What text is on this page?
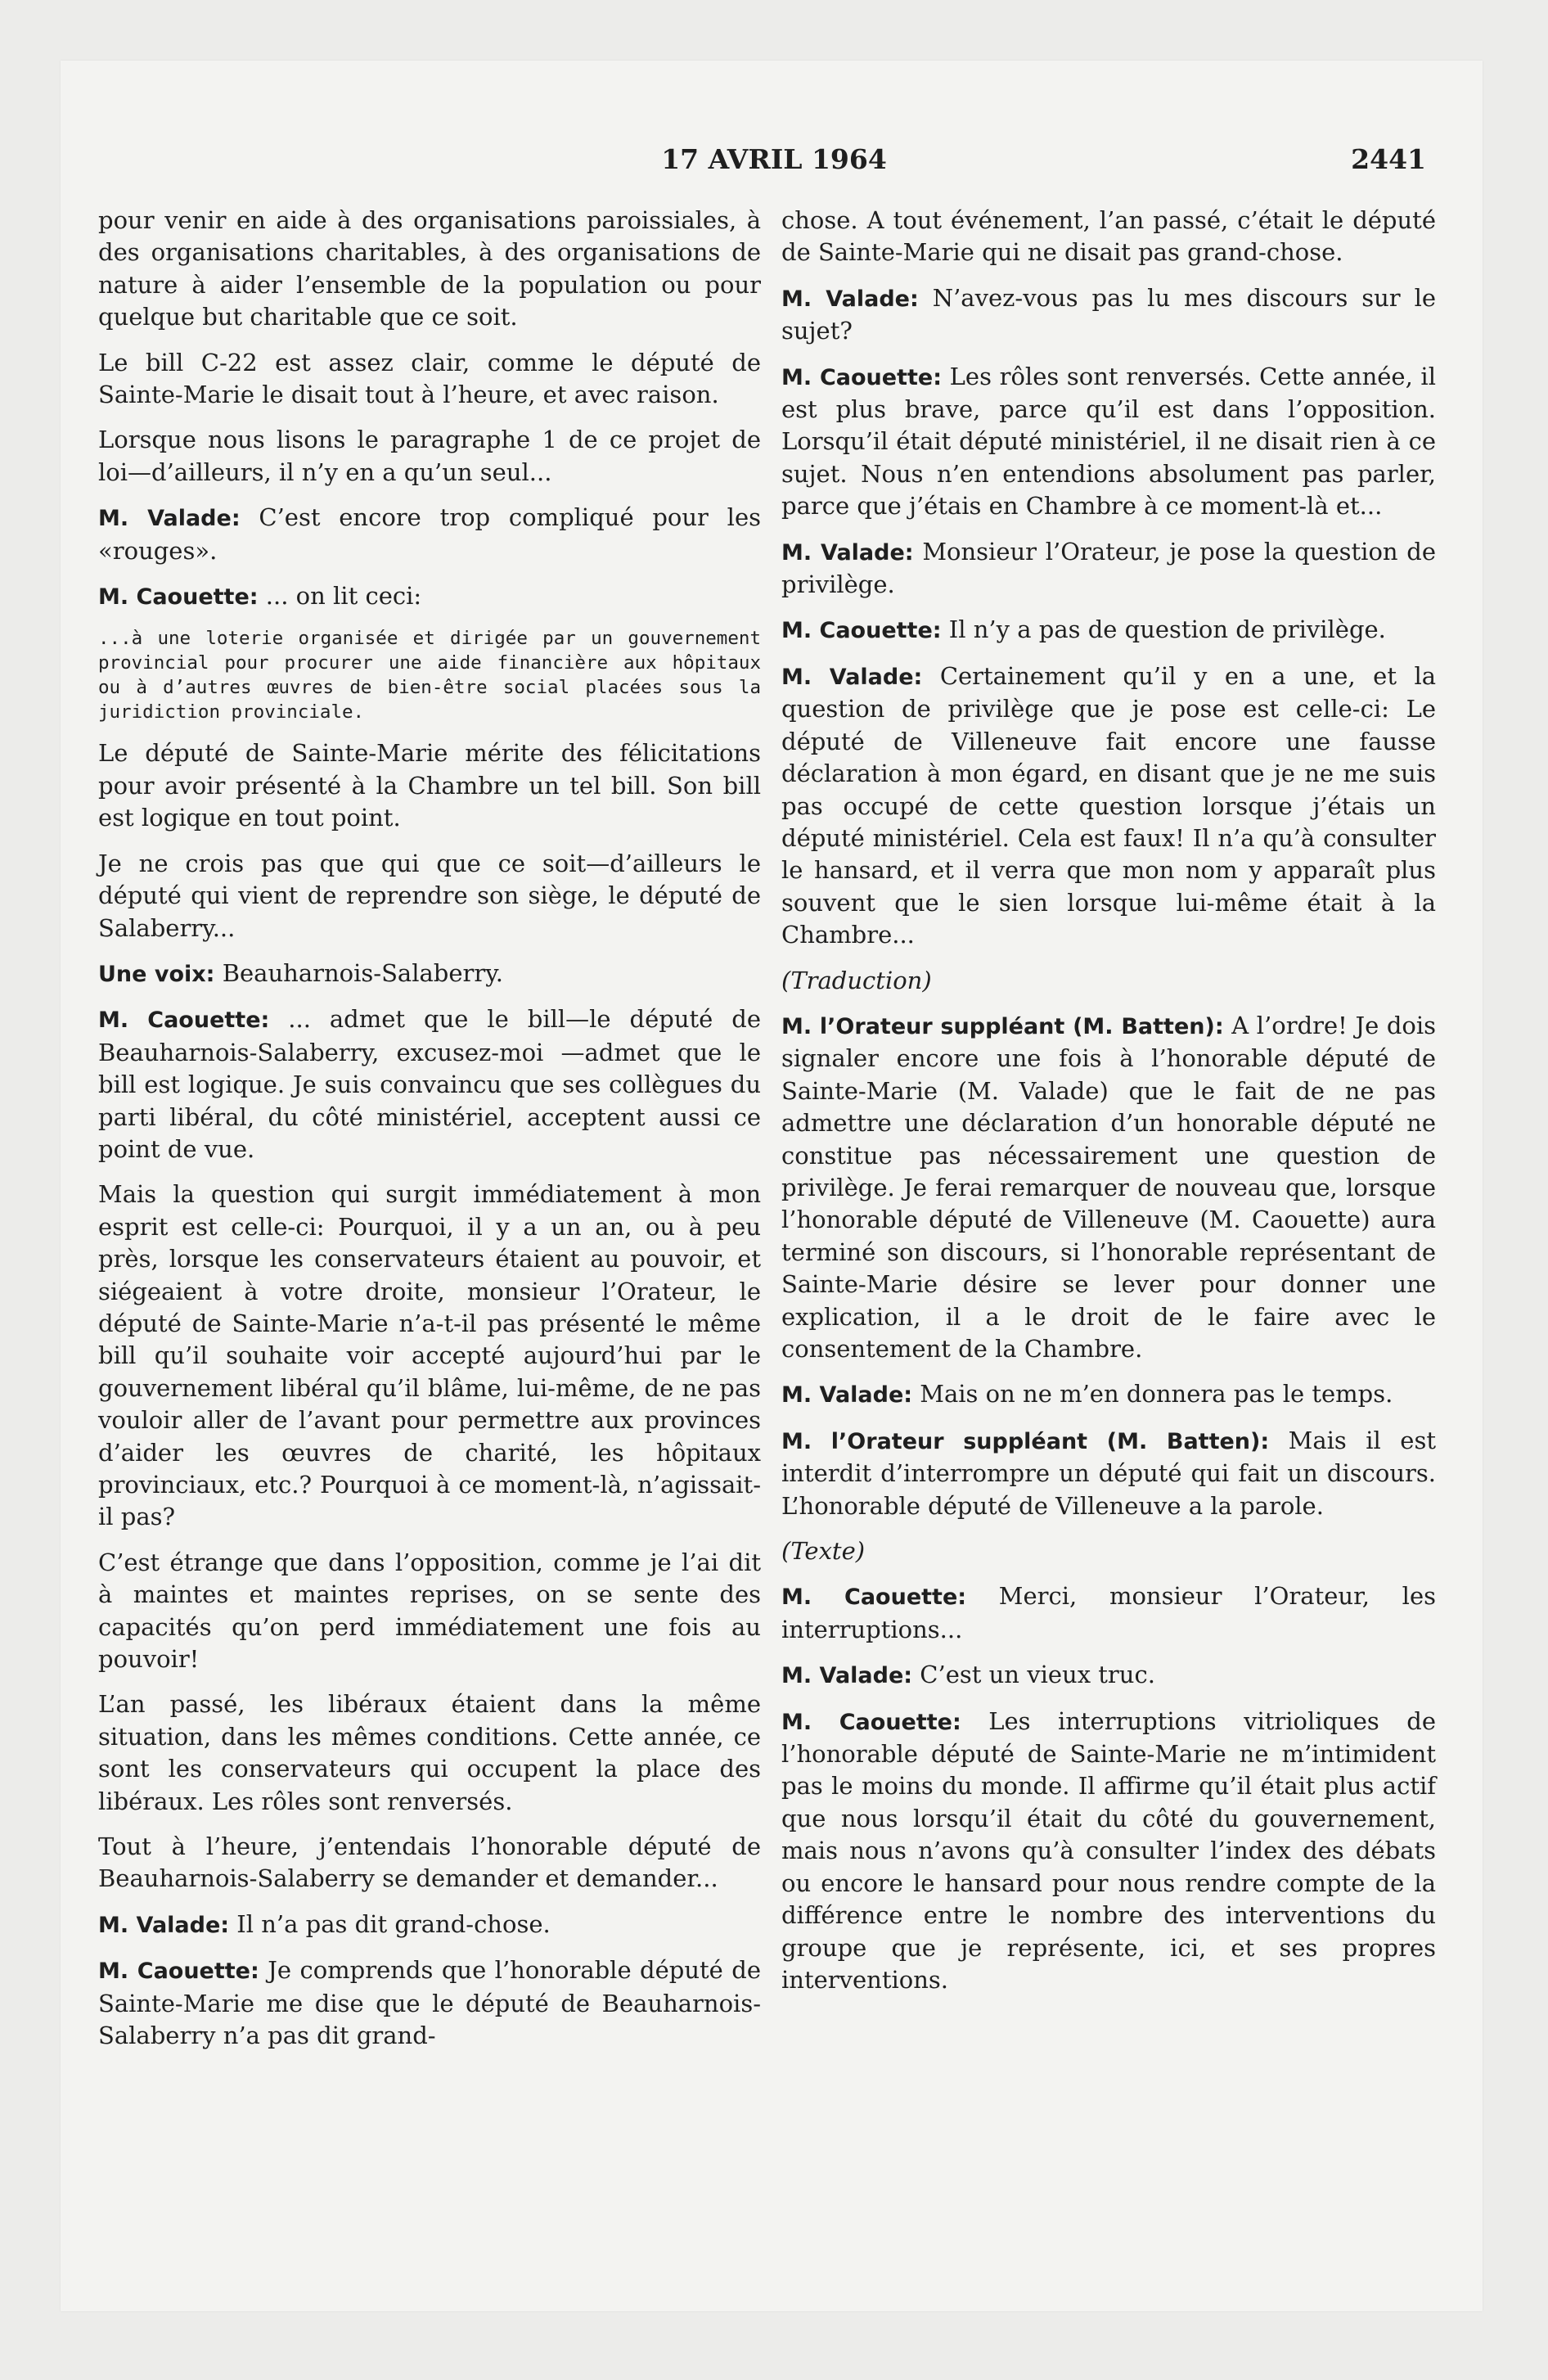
17 AVRIL 1964	2441

pour venir en aide à des organisations paroissiales, à des organisations charitables, à des organisations de nature à aider l’ensemble de la population ou pour quelque but charitable que ce soit.

Le bill C-22 est assez clair, comme le député de Sainte-Marie le disait tout à l’heure, et avec raison.

Lorsque nous lisons le paragraphe 1 de ce projet de loi—d’ailleurs, il n’y en a qu’un seul...

M. Valade: C’est encore trop compliqué pour les «rouges».

M. Caouette: ... on lit ceci:

...à une loterie organisée et dirigée par un gouvernement provincial pour procurer une aide financière aux hôpitaux ou à d’autres œuvres de bien-être social placées sous la juridiction provinciale.

Le député de Sainte-Marie mérite des félicitations pour avoir présenté à la Chambre un tel bill. Son bill est logique en tout point.

Je ne crois pas que qui que ce soit—d’ailleurs le député qui vient de reprendre son siège, le député de Salaberry...

Une voix: Beauharnois-Salaberry.

M. Caouette: ... admet que le bill—le député de Beauharnois-Salaberry, excusez-moi —admet que le bill est logique. Je suis convaincu que ses collègues du parti libéral, du côté ministériel, acceptent aussi ce point de vue.

Mais la question qui surgit immédiatement à mon esprit est celle-ci: Pourquoi, il y a un an, ou à peu près, lorsque les conservateurs étaient au pouvoir, et siégeaient à votre droite, monsieur l’Orateur, le député de Sainte-Marie n’a-t-il pas présenté le même bill qu’il souhaite voir accepté aujourd’hui par le gouvernement libéral qu’il blâme, lui-même, de ne pas vouloir aller de l’avant pour permettre aux provinces d’aider les œuvres de charité, les hôpitaux provinciaux, etc.? Pourquoi à ce moment-là, n’agissait-il pas?

C’est étrange que dans l’opposition, comme je l’ai dit à maintes et maintes reprises, on se sente des capacités qu’on perd immédiatement une fois au pouvoir!

L’an passé, les libéraux étaient dans la même situation, dans les mêmes conditions. Cette année, ce sont les conservateurs qui occupent la place des libéraux. Les rôles sont renversés.

Tout à l’heure, j’entendais l’honorable député de Beauharnois-Salaberry se demander et demander...

M. Valade: Il n’a pas dit grand-chose.

M. Caouette: Je comprends que l’honorable député de Sainte-Marie me dise que le député de Beauharnois-Salaberry n’a pas dit grand-

chose. A tout événement, l’an passé, c’était le député de Sainte-Marie qui ne disait pas grand-chose.

M. Valade: N’avez-vous pas lu mes discours sur le sujet?

M. Caouette: Les rôles sont renversés. Cette année, il est plus brave, parce qu’il est dans l’opposition. Lorsqu’il était député ministériel, il ne disait rien à ce sujet. Nous n’en entendions absolument pas parler, parce que j’étais en Chambre à ce moment-là et...

M. Valade: Monsieur l’Orateur, je pose la question de privilège.

M. Caouette: Il n’y a pas de question de privilège.

M. Valade: Certainement qu’il y en a une, et la question de privilège que je pose est celle-ci: Le député de Villeneuve fait encore une fausse déclaration à mon égard, en disant que je ne me suis pas occupé de cette question lorsque j’étais un député ministériel. Cela est faux! Il n’a qu’à consulter le hansard, et il verra que mon nom y apparaît plus souvent que le sien lorsque lui-même était à la Chambre...

(Traduction)

M. l’Orateur suppléant (M. Batten): A l’ordre! Je dois signaler encore une fois à l’honorable député de Sainte-Marie (M. Valade) que le fait de ne pas admettre une déclaration d’un honorable député ne constitue pas nécessairement une question de privilège. Je ferai remarquer de nouveau que, lorsque l’honorable député de Villeneuve (M. Caouette) aura terminé son discours, si l’honorable représentant de Sainte-Marie désire se lever pour donner une explication, il a le droit de le faire avec le consentement de la Chambre.

M. Valade: Mais on ne m’en donnera pas le temps.

M. l’Orateur suppléant (M. Batten): Mais il est interdit d’interrompre un député qui fait un discours. L’honorable député de Villeneuve a la parole.

(Texte)

M. Caouette: Merci, monsieur l’Orateur, les interruptions...

M. Valade: C’est un vieux truc.

M. Caouette: Les interruptions vitrioliques de l’honorable député de Sainte-Marie ne m’intimident pas le moins du monde. Il affirme qu’il était plus actif que nous lorsqu’il était du côté du gouvernement, mais nous n’avons qu’à consulter l’index des débats ou encore le hansard pour nous rendre compte de la différence entre le nombre des interventions du groupe que je représente, ici, et ses propres interventions.
